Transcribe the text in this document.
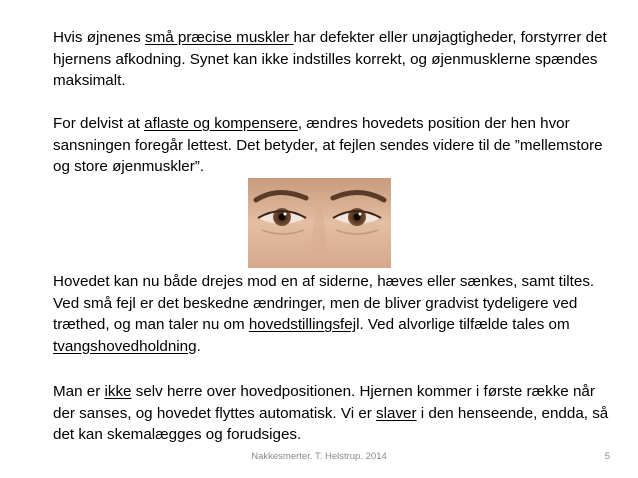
Hvis øjnenes små præcise muskler har defekter eller unøjagtigheder, forstyrrer det hjernens afkodning. Synet kan ikke indstilles korrekt, og øjenmusklerne spændes maksimalt.

For delvist at aflaste og kompensere, ændres hovedets position der hen hvor sansningen foregår lettest. Det betyder, at fejlen sendes videre til de ”mellemstore og store øjenmuskler”.

Hovedet kan nu både drejes mod en af siderne, hæves eller sænkes, samt tiltes. Ved små fejl er det beskedne ændringer, men de bliver gradvist tydeligere ved træthed, og man taler nu om hovedstillingsfejl. Ved alvorlige tilfælde tales om tvangshovedholdning.

Man er ikke selv herre over hovedpositionen. Hjernen kommer i første række når der sanses, og hovedet flyttes automatisk. Vi er slaver i den henseende, endda, så det kan skemalægges og forudsiges.

Nakkesmerter. T. Helstrup. 2014	5
